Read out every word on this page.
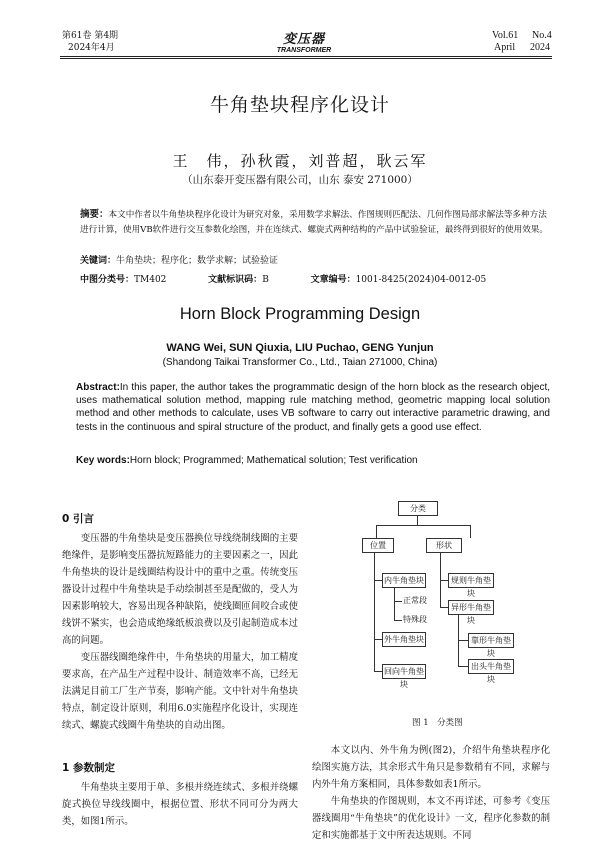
第61卷 第4期
2024年4月
变压器
TRANSFORMER
Vol.61 No.4
April 2024
牛角垫块程序化设计
王　伟，孙秋霞，刘普超，耿云军
（山东泰开变压器有限公司，山东 泰安 271000）
摘要：本文中作者以牛角垫块程序化设计为研究对象，采用数学求解法、作图规则匹配法、几何作图局部求解法等多种方法进行计算，使用VB软件进行交互参数化绘图，并在连续式、螺旋式两种结构的产品中试验验证，最终得到很好的使用效果。
关键词：牛角垫块；程序化；数学求解；试验验证
中图分类号：TM402	文献标识码：B	文章编号：1001-8425(2024)04-0012-05
Horn Block Programming Design
WANG Wei, SUN Qiuxia, LIU Puchao, GENG Yunjun
(Shandong Taikai Transformer Co., Ltd., Taian 271000, China)
Abstract:In this paper, the author takes the programmatic design of the horn block as the research object, uses mathematical solution method, mapping rule matching method, geometric mapping local solution method and other methods to calculate, uses VB software to carry out interactive parametric drawing, and tests in the continuous and spiral structure of the product, and finally gets a good use effect.
Key words:Horn block; Programmed; Mathematical solution; Test verification
0 引言

变压器的牛角垫块是变压器换位导线绕制线圈的主要绝缘件，是影响变压器抗短路能力的主要因素之一，因此牛角垫块的设计是线圈结构设计中的重中之重。传统变压器设计过程中牛角垫块是手动绘制甚至是配做的，受人为因素影响较大，容易出现各种缺陷，使线圈匝间咬合或使线饼不紧实，也会造成绝缘纸板浪费以及引起制造成本过高的问题。

变压器线圈绝缘件中，牛角垫块的用量大，加工精度要求高，在产品生产过程中设计、制造效率不高，已经无法满足目前工厂生产节奏，影响产能。文中针对牛角垫块特点，制定设计原则，利用6.0实施程序化设计，实现连续式、螺旋式线圈牛角垫块的自动出图。

1 参数制定

牛角垫块主要用于单、多根并绕连续式、多根并绕螺旋式换位导线线圈中，根据位置、形状不同可分为两大类，如图1所示。

分类
位置	形状
内牛角垫块
正常段
特殊段
外牛角垫块
回向牛角垫块
规则牛角垫块
异形牛角垫块
靠形牛角垫块
出头牛角垫块
图 1　分类图

本文以内、外牛角为例(图2)，介绍牛角垫块程序化绘图实施方法，其余形式牛角只是参数稍有不同，求解与内外牛角方案相同，具体参数如表1所示。

牛角垫块的作图规则，本文不再详述，可参考《变压器线圈用“牛角垫块”的优化设计》一文，程序化参数的制定和实施都基于文中所表达规则。不同
